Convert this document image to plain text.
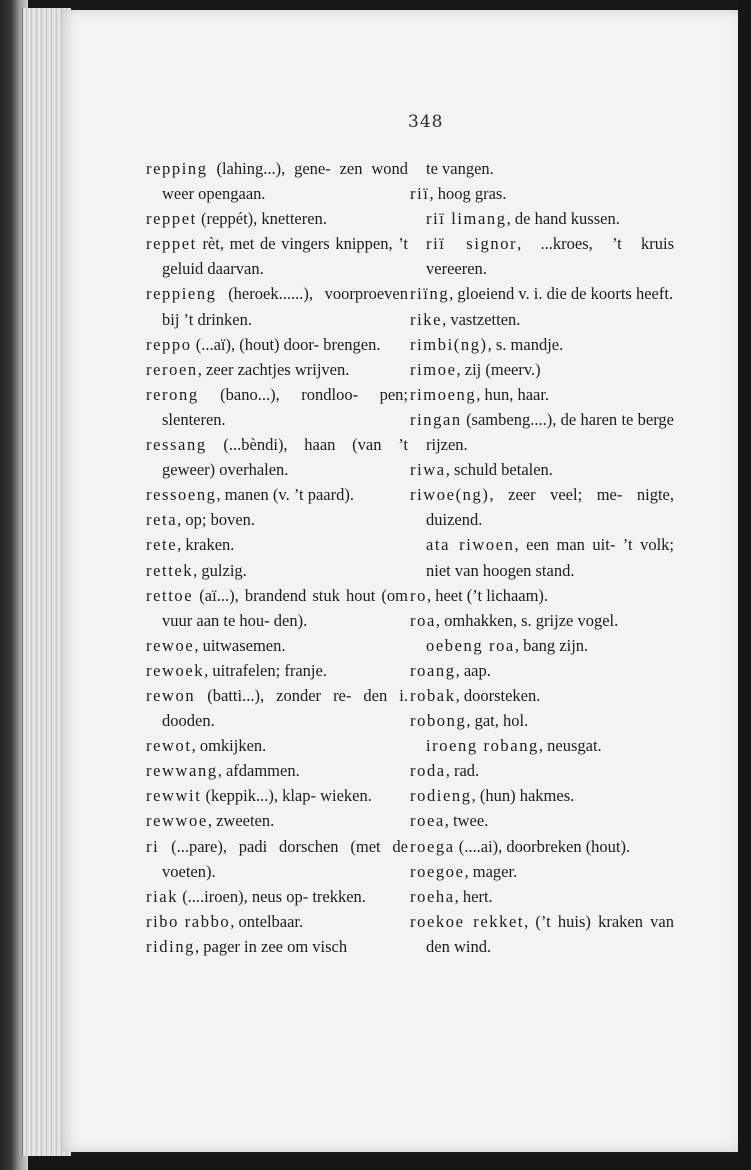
348

repping (lahing...), gene- zen wond weer opengaan.

reppet (reppét), knetteren.

reppet rèt, met de vingers knippen, ’t geluid daarvan.

reppieng (heroek......), voorproeven bij ’t drinken.

reppo (...aï), (hout) door- brengen.

reroen, zeer zachtjes wrijven.

rerong (bano...), rondloo- pen; slenteren.

ressang (...bèndi), haan (van ’t geweer) overhalen.

ressoeng, manen (v. ’t paard).

reta, op; boven.

rete, kraken.

rettek, gulzig.

rettoe (aï...), brandend stuk hout (om vuur aan te hou- den).

rewoe, uitwasemen.

rewoek, uitrafelen; franje.

rewon (batti...), zonder re- den i. dooden.

rewot, omkijken.

rewwang, afdammen.

rewwit (keppik...), klap- wieken.

rewwoe, zweeten.

ri (...pare), padi dorschen (met de voeten).

riak (....iroen), neus op- trekken.

ribo rabbo, ontelbaar.

riding, pager in zee om visch

te vangen.

riï, hoog gras.

riï limang, de hand kussen.

riï signor, ...kroes, ’t kruis vereeren.

riïng, gloeiend v. i. die de koorts heeft.

rike, vastzetten.

rimbi(ng), s. mandje.

rimoe, zij (meerv.)

rimoeng, hun, haar.

ringan (sambeng....), de haren te berge rijzen.

riwa, schuld betalen.

riwoe(ng), zeer veel; me- nigte, duizend.

ata riwoen, een man uit- ’t volk; niet van hoogen stand.

ro, heet (’t lichaam).

roa, omhakken, s. grijze vogel.

oebeng roa, bang zijn.

roang, aap.

robak, doorsteken.

robong, gat, hol.

iroeng robang, neusgat.

roda, rad.

rodieng, (hun) hakmes.

roea, twee.

roega (....ai), doorbreken (hout).

roegoe, mager.

roeha, hert.

roekoe rekket, (’t huis) kraken van den wind.
